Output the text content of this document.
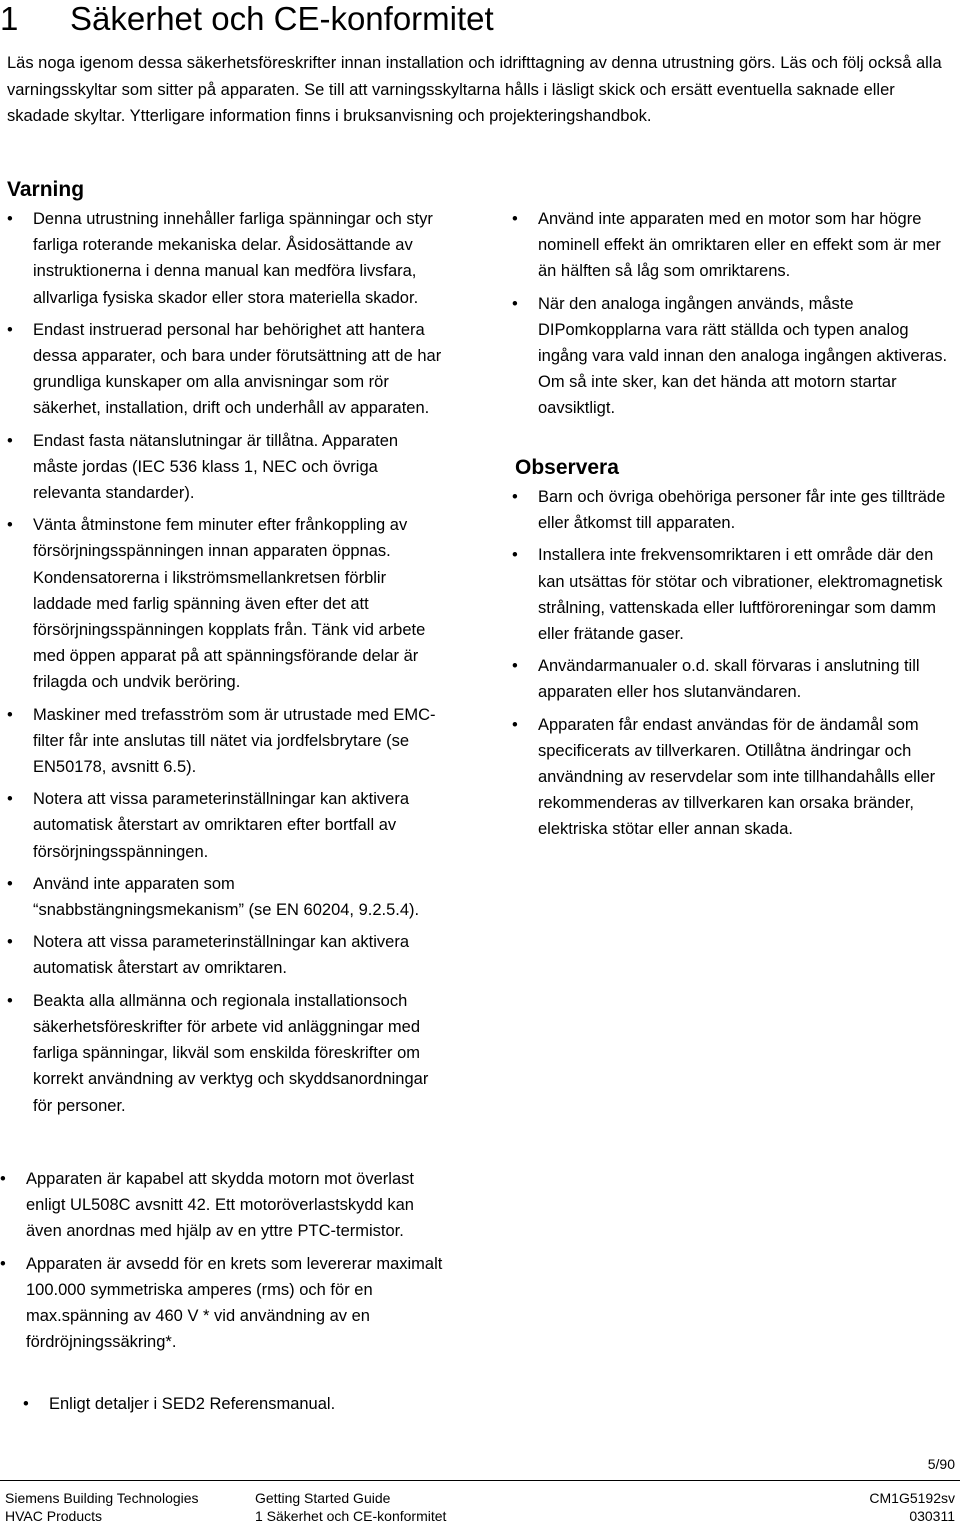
1 Säkerhet och CE-konformitet
Läs noga igenom dessa säkerhetsföreskrifter innan installation och idrifttagning av denna utrustning görs. Läs och följ också alla varningsskyltar som sitter på apparaten. Se till att varningsskyltarna hålls i läsligt skick och ersätt eventuella saknade eller skadade skyltar. Ytterligare information finns i bruksanvisning och projekteringshandbok.
Varning
• Denna utrustning innehåller farliga spänningar och styr farliga roterande mekaniska delar. Åsidosättande av instruktionerna i denna manual kan medföra livsfara, allvarliga fysiska skador eller stora materiella skador.
• Endast instruerad personal har behörighet att hantera dessa apparater, och bara under förutsättning att de har grundliga kunskaper om alla anvisningar som rör säkerhet, installation, drift och underhåll av apparaten.
• Endast fasta nätanslutningar är tillåtna. Apparaten måste jordas (IEC 536 klass 1, NEC och övriga relevanta standarder).
• Vänta åtminstone fem minuter efter frånkoppling av försörjningsspänningen innan apparaten öppnas. Kondensatorerna i likströmsmellankretsen förblir laddade med farlig spänning även efter det att försörjningsspänningen kopplats från. Tänk vid arbete med öppen apparat på att spänningsförande delar är frilagda och undvik beröring.
• Maskiner med trefasström som är utrustade med EMC-filter får inte anslutas till nätet via jordfelsbrytare (se EN50178, avsnitt 6.5).
• Notera att vissa parameterinställningar kan aktivera automatisk återstart av omriktaren efter bortfall av försörjningsspänningen.
• Använd inte apparaten som “snabbstängningsmekanism” (se EN 60204, 9.2.5.4).
• Notera att vissa parameterinställningar kan aktivera automatisk återstart av omriktaren.
• Beakta alla allmänna och regionala installationsoch säkerhetsföreskrifter för arbete vid anläggningar med farliga spänningar, likväl som enskilda föreskrifter om korrekt användning av verktyg och skyddsanordningar för personer.
• Apparaten är kapabel att skydda motorn mot överlast enligt UL508C avsnitt 42. Ett motoröverlastskydd kan även anordnas med hjälp av en yttre PTC-termistor.
• Apparaten är avsedd för en krets som levererar maximalt 100.000 symmetriska amperes (rms) och för en max.spänning av 460 V * vid användning av en fördröjningssäkring*.
• Enligt detaljer i SED2 Referensmanual.
• Använd inte apparaten med en motor som har högre nominell effekt än omriktaren eller en effekt som är mer än hälften så låg som omriktarens.
• När den analoga ingången används, måste DIPomkopplarna vara rätt ställda och typen analog ingång vara vald innan den analoga ingången aktiveras. Om så inte sker, kan det hända att motorn startar oavsiktligt.
Observera
• Barn och övriga obehöriga personer får inte ges tillträde eller åtkomst till apparaten.
• Installera inte frekvensomriktaren i ett område där den kan utsättas för stötar och vibrationer, elektromagnetisk strålning, vattenskada eller luftföroreningar som damm eller frätande gaser.
• Användarmanualer o.d. skall förvaras i anslutning till apparaten eller hos slutanvändaren.
• Apparaten får endast användas för de ändamål som specificerats av tillverkaren. Otillåtna ändringar och användning av reservdelar som inte tillhandahålls eller rekommenderas av tillverkaren kan orsaka bränder, elektriska stötar eller annan skada.
5/90
Siemens Building Technologies
HVAC Products
Getting Started Guide
1 Säkerhet och CE-konformitet
CM1G5192sv
030311
